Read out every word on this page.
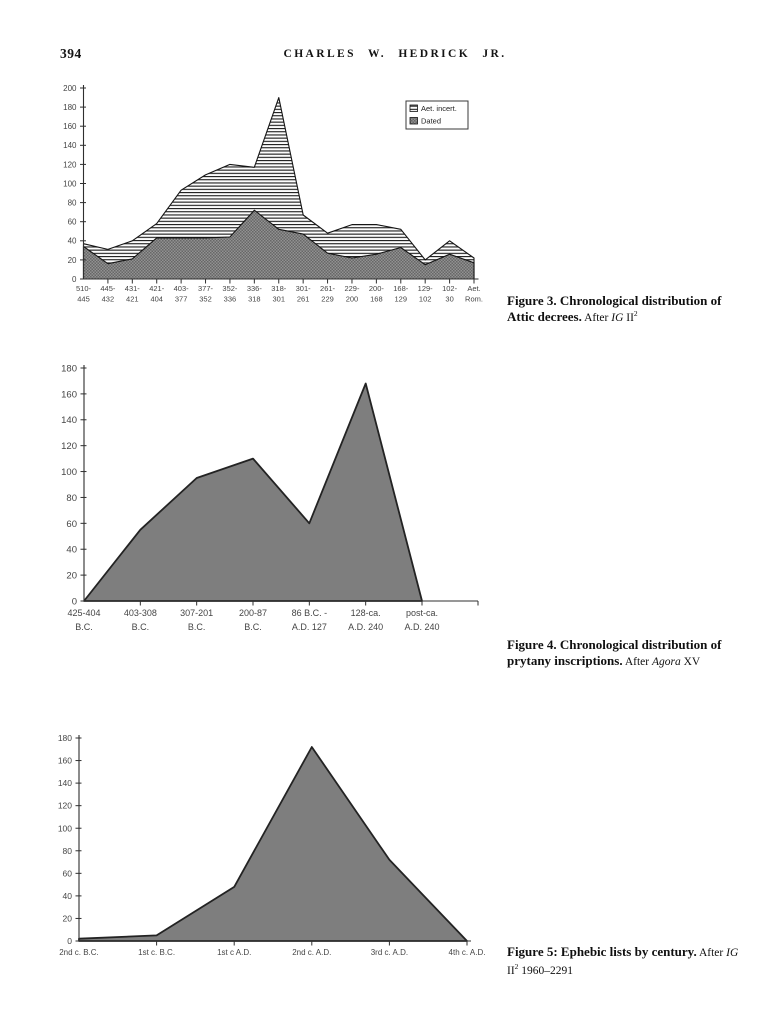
394	CHARLES W. HEDRICK JR.
0
20
40
60
80
100
120
140
160
180
200
510-
445
445-
432
431-
421
421-
404
403-
377
377-
352
352-
336
336-
318
318-
301
301-
261
261-
229
229-
200
200-
168
168-
129
129-
102
102-
30
Aet.
Rom.
Aet. incert.
Dated
0
20
40
60
80
100
120
140
160
180
425-404
B.C.
403-308
B.C.
307-201
B.C.
200-87
B.C.
86 B.C. -
A.D. 127
128-ca.
A.D. 240
post-ca.
A.D. 240
0
20
40
60
80
100
120
140
160
180
2nd c. B.C.	1st c. B.C.	1st c A.D.	2nd c. A.D.	3rd c. A.D.	4th c. A.D.

Figure 3. Chronological distribution of Attic decrees. After IG $II^2$

Figure 4. Chronological distribution of prytany inscriptions. After Agora XV

Figure 5: Ephebic lists by century. After IG $II^2$ 1960–2291
